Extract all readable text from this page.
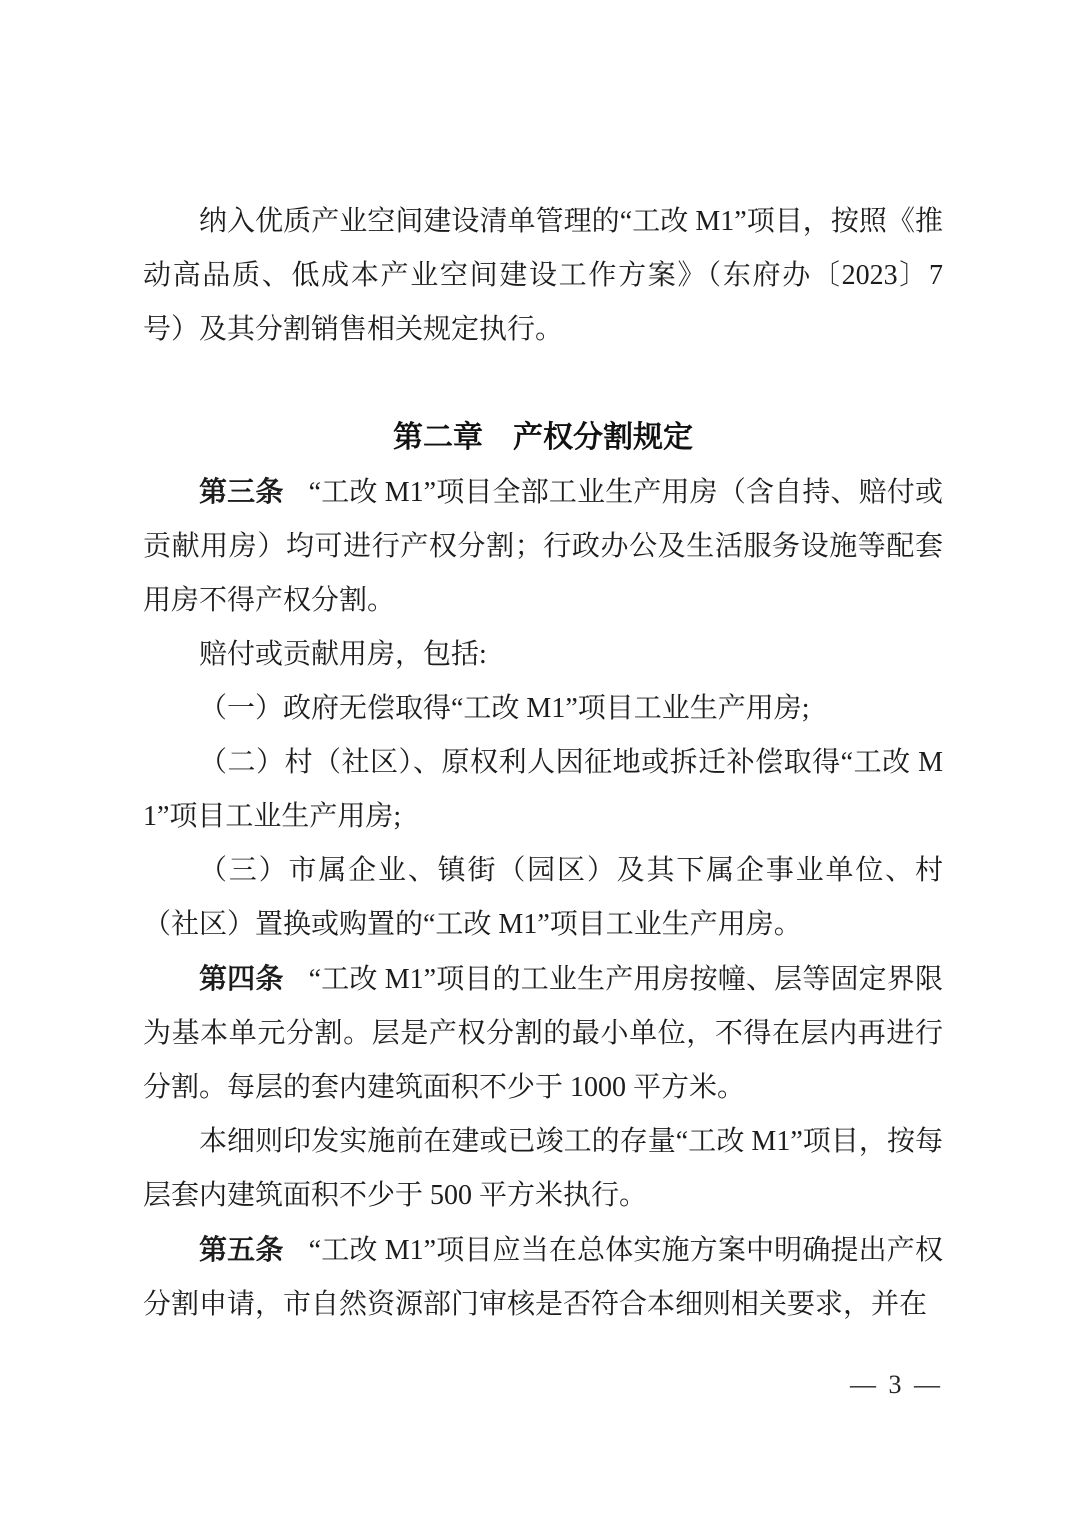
纳入优质产业空间建设清单管理的“工改 M1”项目，按照《推动高品质、低成本产业空间建设工作方案》（东府办〔2023〕7 号）及其分割销售相关规定执行。

第二章　产权分割规定

第三条 “工改 M1”项目全部工业生产用房（含自持、赔付或贡献用房）均可进行产权分割；行政办公及生活服务设施等配套用房不得产权分割。

赔付或贡献用房，包括:

（一）政府无偿取得“工改 M1”项目工业生产用房;

（二）村（社区）、原权利人因征地或拆迁补偿取得“工改 M1”项目工业生产用房;

（三）市属企业、镇街（园区）及其下属企事业单位、村（社区）置换或购置的“工改 M1”项目工业生产用房。

第四条 “工改 M1”项目的工业生产用房按幢、层等固定界限为基本单元分割。层是产权分割的最小单位，不得在层内再进行分割。每层的套内建筑面积不少于 1000 平方米。

本细则印发实施前在建或已竣工的存量“工改 M1”项目，按每层套内建筑面积不少于 500 平方米执行。

第五条 “工改 M1”项目应当在总体实施方案中明确提出产权分割申请，市自然资源部门审核是否符合本细则相关要求，并在

— 3 —
